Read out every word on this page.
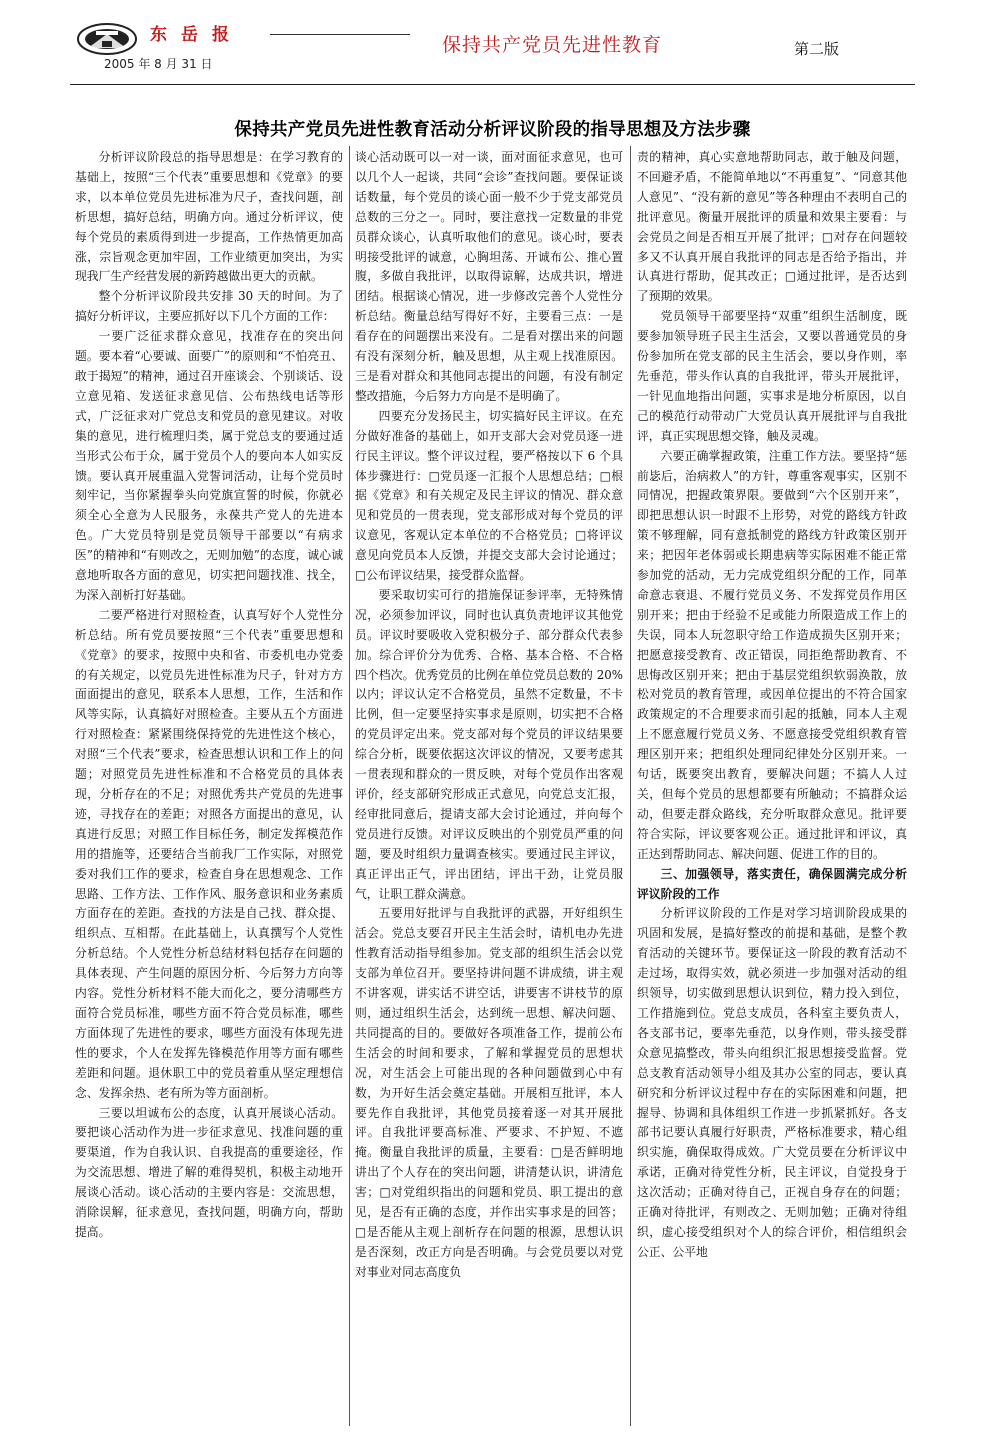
东岳报
2005 年 8 月 31 日
保持共产党员先进性教育	第二版
保持共产党员先进性教育活动分析评议阶段的指导思想及方法步骤

分析评议阶段总的指导思想是：在学习教育的基础上，按照“三个代表”重要思想和《党章》的要求，以本单位党员先进标准为尺子，查找问题，剖析思想，搞好总结，明确方向。通过分析评议，使每个党员的素质得到进一步提高，工作热情更加高涨，宗旨观念更加牢固，工作业绩更加突出，为实现我厂生产经营发展的新跨越做出更大的贡献。

整个分析评议阶段共安排 30 天的时间。为了搞好分析评议，主要应抓好以下几个方面的工作：

一要广泛征求群众意见，找准存在的突出问题。要本着“心要诚、面要广”的原则和“不怕亮丑、敢于揭短”的精神，通过召开座谈会、个别谈话、设立意见箱、发送征求意见信、公布热线电话等形式，广泛征求对广党总支和党员的意见建议。对收集的意见，进行梳理归类，属于党总支的要通过适当形式公布于众，属于党员个人的要向本人如实反馈。要认真开展重温入党誓词活动，让每个党员时刻牢记，当你紧握拳头向党旗宣誓的时候，你就必须全心全意为人民服务，永葆共产党人的先进本色。广大党员特别是党员领导干部要以“有病求医”的精神和“有则改之，无则加勉”的态度，诚心诚意地听取各方面的意见，切实把问题找准、找全，为深入剖析打好基础。

二要严格进行对照检查，认真写好个人党性分析总结。所有党员要按照“三个代表”重要思想和《党章》的要求，按照中央和省、市委机电办党委的有关规定，以党员先进性标准为尺子，针对方方面面提出的意见，联系本人思想，工作，生活和作风等实际，认真搞好对照检查。主要从五个方面进行对照检查：紧紧围绕保持党的先进性这个核心，对照“三个代表”要求，检查思想认识和工作上的问题；对照党员先进性标准和不合格党员的具体表现，分析存在的不足；对照优秀共产党员的先进事迹，寻找存在的差距；对照各方面提出的意见，认真进行反思；对照工作目标任务，制定发挥模范作用的措施等，还要结合当前我厂工作实际，对照党委对我们工作的要求，检查自身在思想观念、工作思路、工作方法、工作作风、服务意识和业务素质方面存在的差距。查找的方法是自己找、群众提、组织点、互相帮。在此基础上，认真撰写个人党性分析总结。个人党性分析总结材料包括存在问题的具体表现、产生问题的原因分析、今后努力方向等内容。党性分析材料不能大而化之，要分清哪些方面符合党员标准，哪些方面不符合党员标准，哪些方面体现了先进性的要求，哪些方面没有体现先进性的要求，个人在发挥先锋模范作用等方面有哪些差距和问题。退休职工中的党员着重从坚定理想信念、发挥余热、老有所为等方面剖析。

三要以坦诚布公的态度，认真开展谈心活动。要把谈心活动作为进一步征求意见、找准问题的重要渠道，作为自我认识、自我提高的重要途径，作为交流思想、增进了解的难得契机，积极主动地开展谈心活动。谈心活动的主要内容是：交流思想，消除误解，征求意见，查找问题，明确方向，帮助提高。

谈心活动既可以一对一谈，面对面征求意见，也可以几个人一起谈，共同“会诊”查找问题。要保证谈话数量，每个党员的谈心面一般不少于党支部党员总数的三分之一。同时，要注意找一定数量的非党员群众谈心，认真听取他们的意见。谈心时，要表明接受批评的诚意，心胸坦荡、开诚布公、推心置腹，多做自我批评，以取得谅解，达成共识，增进团结。根据谈心情况，进一步修改完善个人党性分析总结。衡量总结写得好不好，主要看三点：一是看存在的问题摆出来没有。二是看对摆出来的问题有没有深刻分析，触及思想，从主观上找准原因。三是看对群众和其他同志提出的问题，有没有制定整改措施，今后努力方向是不是明确了。

四要充分发扬民主，切实搞好民主评议。在充分做好准备的基础上，如开支部大会对党员逐一进行民主评议。整个评议过程，要严格按以下 6 个具体步骤进行：□党员逐一汇报个人思想总结；□根据《党章》和有关规定及民主评议的情况、群众意见和党员的一贯表现，党支部形成对每个党员的评议意见，客观认定本单位的不合格党员；□将评议意见向党员本人反馈，并提交支部大会讨论通过；□公布评议结果，接受群众监督。

要采取切实可行的措施保证参评率，无特殊情况，必须参加评议，同时也认真负责地评议其他党员。评议时要吸收入党积极分子、部分群众代表参加。综合评价分为优秀、合格、基本合格、不合格四个档次。优秀党员的比例在单位党员总数的 20%以内；评议认定不合格党员，虽然不定数量，不卡比例，但一定要坚持实事求是原则，切实把不合格的党员评定出来。党支部对每个党员的评议结果要综合分析，既要依据这次评议的情况，又要考虑其一贯表现和群众的一贯反映，对每个党员作出客观评价，经支部研究形成正式意见，向党总支汇报，经审批同意后，提请支部大会讨论通过，并向每个党员进行反馈。对评议反映出的个别党员严重的问题，要及时组织力量调查核实。要通过民主评议，真正评出正气，评出团结，评出干劲，让党员服气，让职工群众满意。

五要用好批评与自我批评的武器，开好组织生活会。党总支要召开民主生活会时，请机电办先进性教育活动指导组参加。党支部的组织生活会以党支部为单位召开。要坚持讲问题不讲成绩，讲主观不讲客观，讲实话不讲空话，讲要害不讲枝节的原则，通过组织生活会，达到统一思想、解决问题、共同提高的目的。要做好各项准备工作，提前公布生活会的时间和要求，了解和掌握党员的思想状况，对生活会上可能出现的各种问题做到心中有数，为开好生活会奠定基础。开展相互批评，本人要先作自我批评，其他党员接着逐一对其开展批评。自我批评要高标准、严要求、不护短、不遮掩。衡量自我批评的质量，主要看：□是否鲜明地讲出了个人存在的突出问题，讲清楚认识，讲清危害；□对党组织指出的问题和党员、职工提出的意见，是否有正确的态度，并作出实事求是的回答；□是否能从主观上剖析存在问题的根源，思想认识是否深刻，改正方向是否明确。与会党员要以对党对事业对同志高度负

责的精神，真心实意地帮助同志，敢于触及问题，不回避矛盾，不能简单地以“不再重复”、“同意其他人意见”、“没有新的意见”等各种理由不表明自己的批评意见。衡量开展批评的质量和效果主要看：与会党员之间是否相互开展了批评；□对存在问题较多又不认真开展自我批评的同志是否给予指出，并认真进行帮助，促其改正；□通过批评，是否达到了预期的效果。

党员领导干部要坚持“双重”组织生活制度，既要参加领导班子民主生活会，又要以普通党员的身份参加所在党支部的民主生活会，要以身作则，率先垂范，带头作认真的自我批评，带头开展批评，一针见血地指出问题，实事求是地分析原因，以自己的模范行动带动广大党员认真开展批评与自我批评，真正实现思想交锋，触及灵魂。

六要正确掌握政策，注重工作方法。要坚持“惩前毖后，治病救人”的方针，尊重客观事实，区别不同情况，把握政策界限。要做到“六个区别开来”，即把思想认识一时跟不上形势，对党的路线方针政策不够理解，同有意抵制党的路线方针政策区别开来；把因年老体弱或长期患病等实际困难不能正常参加党的活动，无力完成党组织分配的工作，同革命意志衰退、不履行党员义务、不发挥党员作用区别开来；把由于经验不足或能力所限造成工作上的失误，同本人玩忽职守给工作造成损失区别开来；把愿意接受教育、改正错误，同拒绝帮助教育、不思悔改区别开来；把由于基层党组织软弱涣散，放松对党员的教育管理，或因单位提出的不符合国家政策规定的不合理要求而引起的抵触，同本人主观上不愿意履行党员义务、不愿意接受党组织教育管理区别开来；把组织处理同纪律处分区别开来。一句话，既要突出教育，要解决问题；不搞人人过关，但每个党员的思想都要有所触动；不搞群众运动，但要走群众路线，充分听取群众意见。批评要符合实际，评议要客观公正。通过批评和评议，真正达到帮助同志、解决问题、促进工作的目的。

三、加强领导，落实责任，确保圆满完成分析评议阶段的工作

分析评议阶段的工作是对学习培训阶段成果的巩固和发展，是搞好整改的前提和基础，是整个教育活动的关键环节。要保证这一阶段的教育活动不走过场，取得实效，就必须进一步加强对活动的组织领导，切实做到思想认识到位，精力投入到位，工作措施到位。党总支成员，各科室主要负责人，各支部书记，要率先垂范，以身作则，带头接受群众意见搞整改，带头向组织汇报思想接受监督。党总支教育活动领导小组及其办公室的同志，要认真研究和分析评议过程中存在的实际困难和问题，把握导、协调和具体组织工作进一步抓紧抓好。各支部书记要认真履行好职责，严格标准要求，精心组织实施，确保取得成效。广大党员要在分析评议中承诺，正确对待党性分析，民主评议，自觉投身于这次活动；正确对待自己，正视自身存在的问题；正确对待批评，有则改之、无则加勉；正确对待组织，虚心接受组织对个人的综合评价，相信组织会公正、公平地
